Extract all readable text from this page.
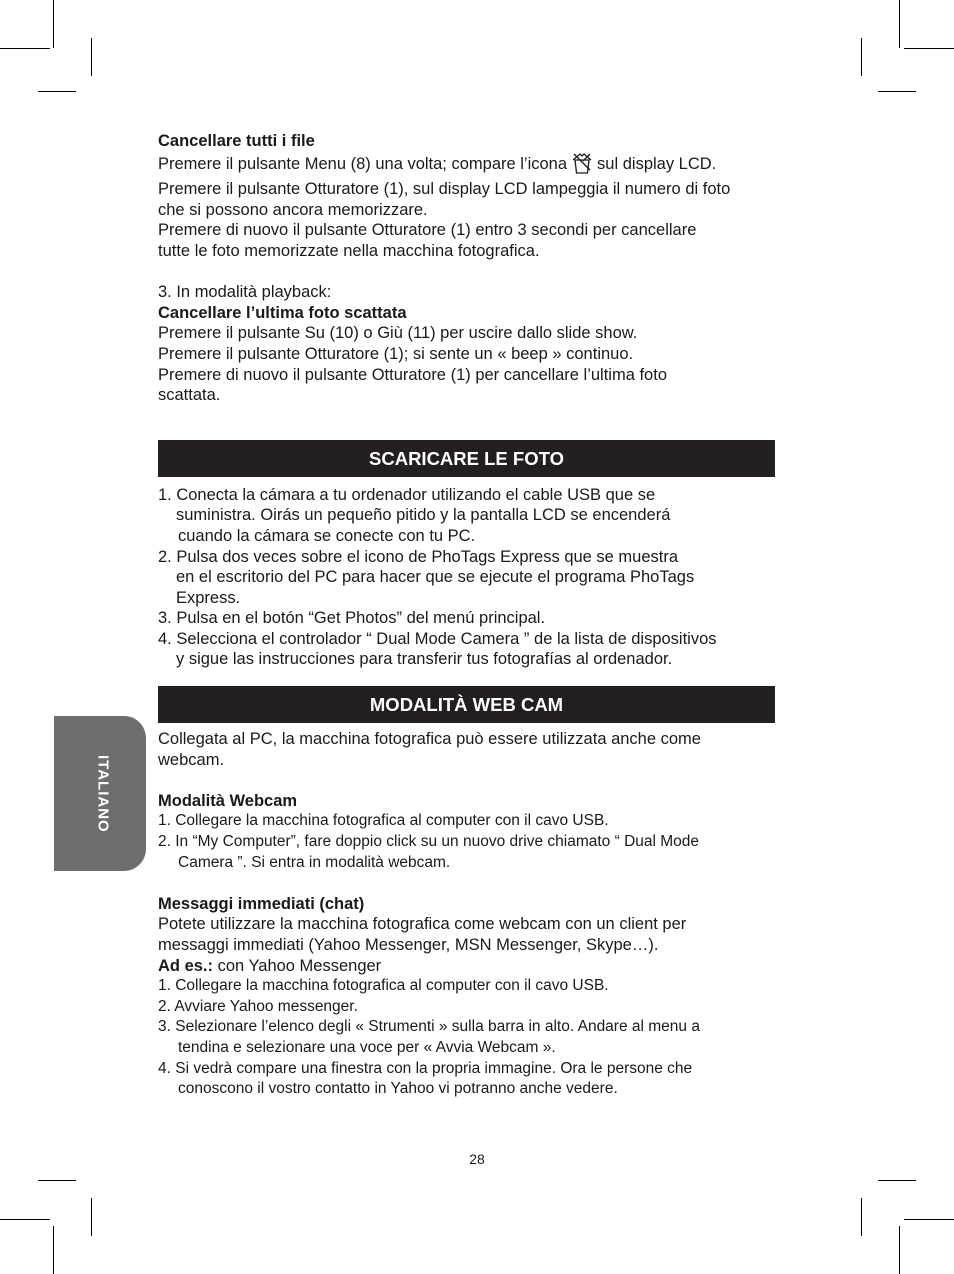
ITALIANO

Cancellare tutti i file

Premere il pulsante Menu (8) una volta; compare l’icona sul display LCD.

Premere il pulsante Otturatore (1), sul display LCD lampeggia il numero di foto

che si possono ancora memorizzare.

Premere di nuovo il pulsante Otturatore (1) entro 3 secondi per cancellare

tutte le foto memorizzate nella macchina fotografica.

3. In modalità playback:

Cancellare l’ultima foto scattata

Premere il pulsante Su (10) o Giù (11) per uscire dallo slide show.

Premere il pulsante Otturatore (1); si sente un « beep » continuo.

Premere di nuovo il pulsante Otturatore (1) per cancellare l’ultima foto

scattata.

SCARICARE LE FOTO

1. Conecta la cámara a tu ordenador utilizando el cable USB que se

suministra. Oirás un pequeño pitido y la pantalla LCD se encenderá

cuando la cámara se conecte con tu PC.

2. Pulsa dos veces sobre el icono de PhoTags Express que se muestra

en el escritorio del PC para hacer que se ejecute el programa PhoTags

Express.

3. Pulsa en el botón “Get Photos” del menú principal.

4. Selecciona el controlador “ Dual Mode Camera ” de la lista de dispositivos

y sigue las instrucciones para transferir tus fotografías al ordenador.

MODALITÀ WEB CAM

Collegata al PC, la macchina fotografica può essere utilizzata anche come

webcam.

Modalità Webcam

1. Collegare la macchina fotografica al computer con il cavo USB.

2. In “My Computer”, fare doppio click su un nuovo drive chiamato “ Dual Mode

Camera ”. Si entra in modalità webcam.

Messaggi immediati (chat)

Potete utilizzare la macchina fotografica come webcam con un client per

messaggi immediati (Yahoo Messenger, MSN Messenger, Skype…).

Ad es.: con Yahoo Messenger

1. Collegare la macchina fotografica al computer con il cavo USB.

2. Avviare Yahoo messenger.

3. Selezionare l’elenco degli « Strumenti » sulla barra in alto. Andare al menu a

tendina e selezionare una voce per « Avvia Webcam ».

4. Si vedrà compare una finestra con la propria immagine. Ora le persone che

conoscono il vostro contatto in Yahoo vi potranno anche vedere.

28
